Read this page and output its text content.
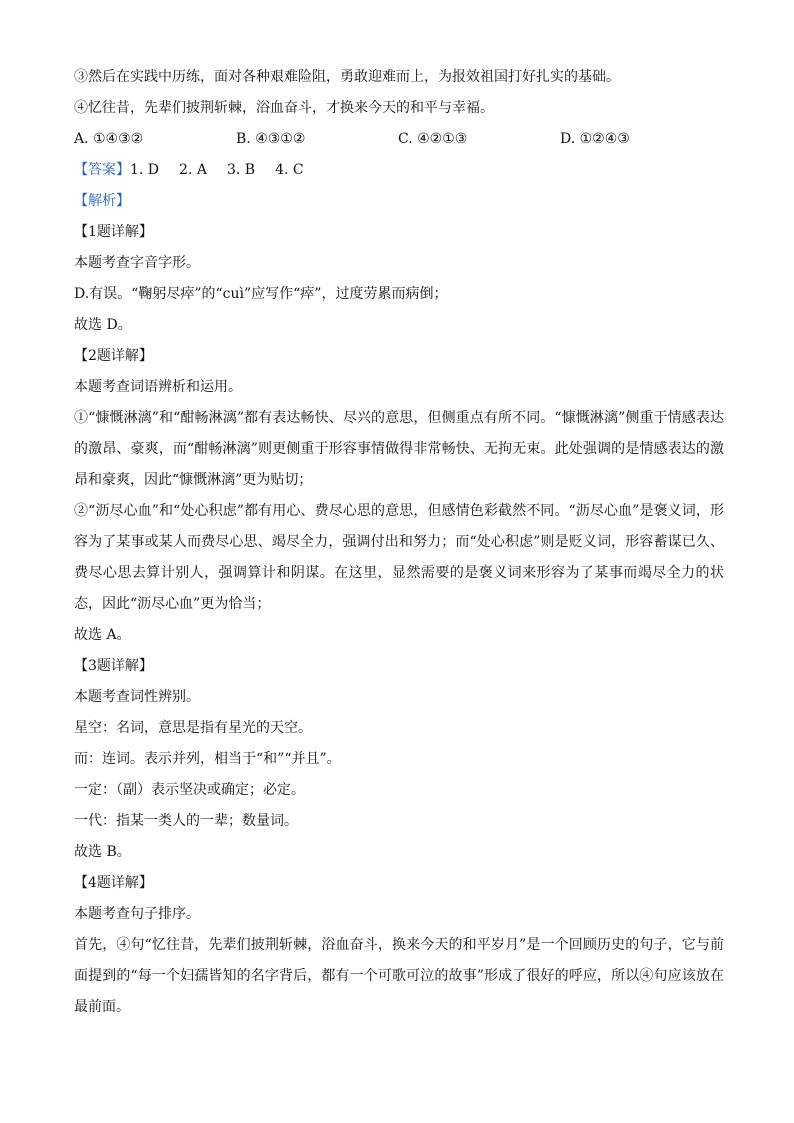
③然后在实践中历练，面对各种艰难险阻，勇敢迎难而上，为报效祖国打好扎实的基础。
④忆往昔，先辈们披荆斩棘，浴血奋斗，才换来今天的和平与幸福。
A. ①④③②	B. ④③①②	C. ④②①③	D. ①②④③
【答案】1. D 2. A 3. B 4. C
【解析】
【1题详解】
本题考查字音字形。
D.有误。“鞠躬尽瘁”的“cuì”应写作“瘁”，过度劳累而病倒；
故选 D。
【2题详解】
本题考查词语辨析和运用。
①“慷慨淋漓”和“酣畅淋漓”都有表达畅快、尽兴的意思，但侧重点有所不同。“慷慨淋漓”侧重于情感表达的激昂、豪爽，而“酣畅淋漓”则更侧重于形容事情做得非常畅快、无拘无束。此处强调的是情感表达的激昂和豪爽，因此“慷慨淋漓”更为贴切；
②“沥尽心血”和“处心积虑”都有用心、费尽心思的意思，但感情色彩截然不同。“沥尽心血”是褒义词，形容为了某事或某人而费尽心思、竭尽全力，强调付出和努力；而“处心积虑”则是贬义词，形容蓄谋已久、费尽心思去算计别人，强调算计和阴谋。在这里，显然需要的是褒义词来形容为了某事而竭尽全力的状态，因此“沥尽心血”更为恰当；
故选 A。
【3题详解】
本题考查词性辨别。
星空：名词，意思是指有星光的天空。
而：连词。表示并列，相当于“和”“并且”。
一定：（副）表示坚决或确定；必定。
一代：指某一类人的一辈；数量词。
故选 B。
【4题详解】
本题考查句子排序。
首先，④句“忆往昔，先辈们披荆斩棘，浴血奋斗，换来今天的和平岁月”是一个回顾历史的句子，它与前面提到的“每一个妇孺皆知的名字背后，都有一个可歌可泣的故事”形成了很好的呼应，所以④句应该放在最前面。
